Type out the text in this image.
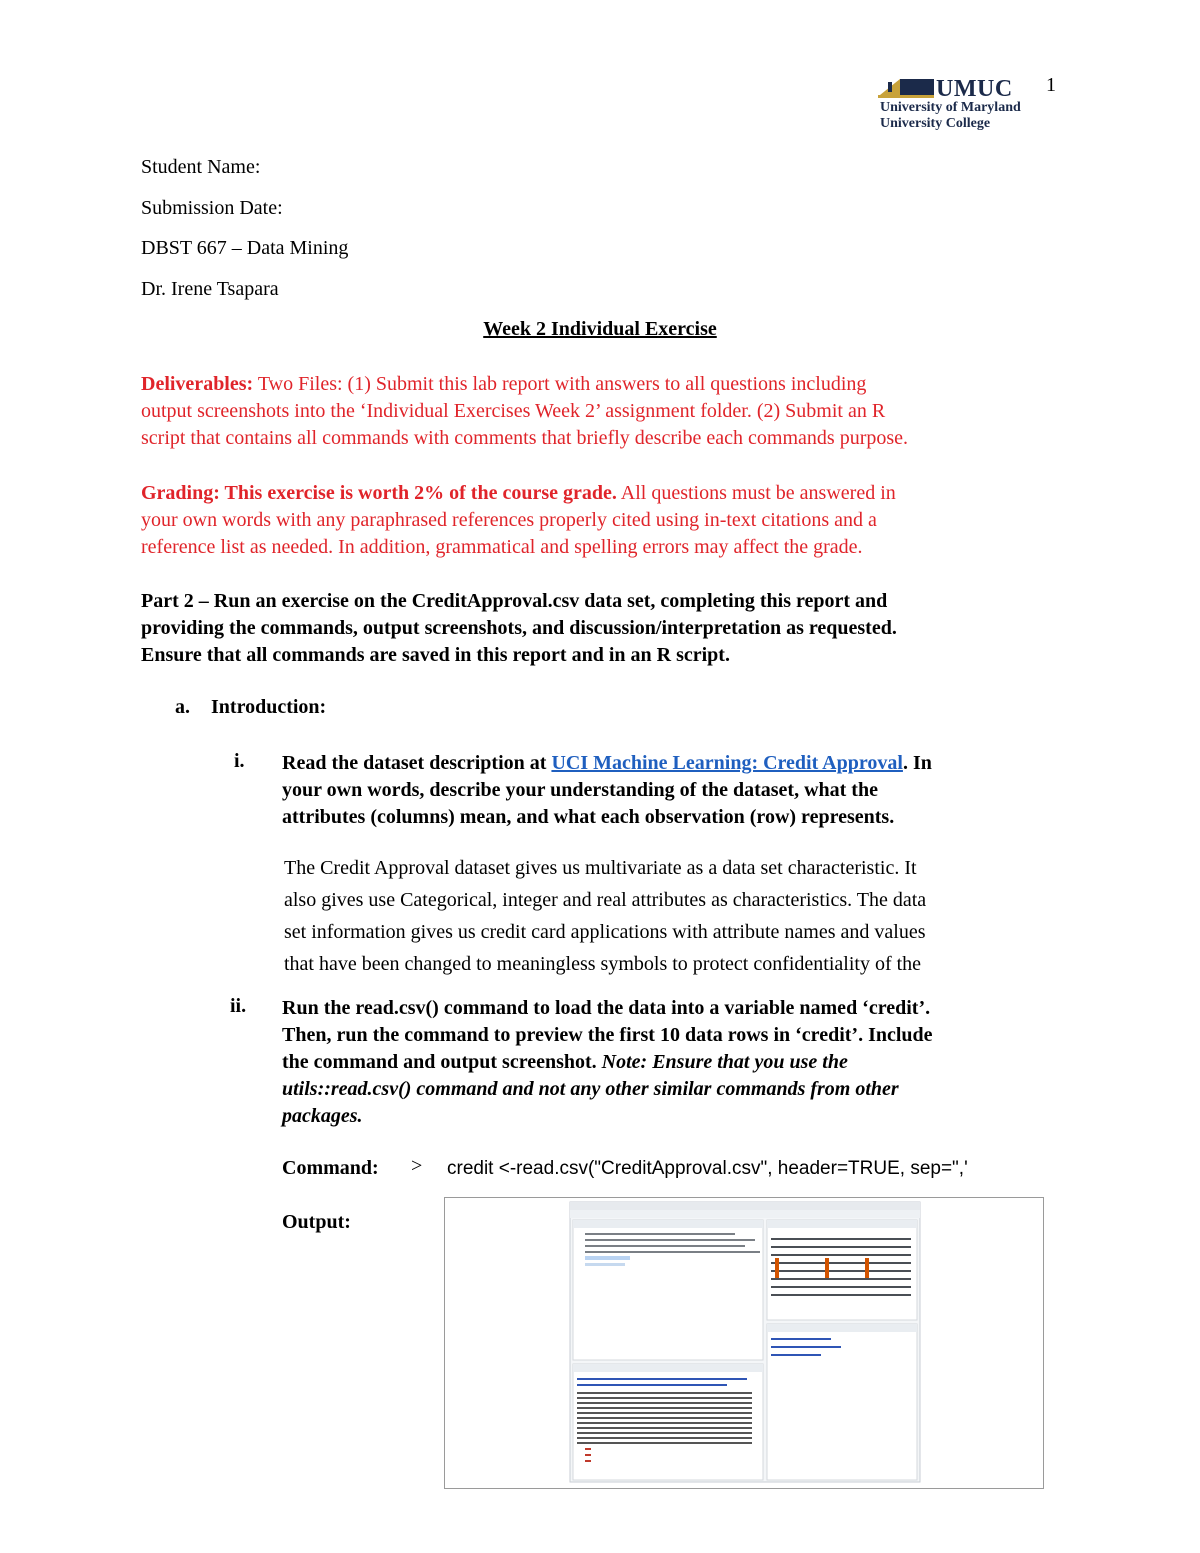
1
UMUC
University of Maryland
University College
Student Name:
Submission Date:
DBST 667 – Data Mining
Dr. Irene Tsapara
Week 2 Individual Exercise
Deliverables: Two Files: (1) Submit this lab report with answers to all questions including
output screenshots into the ‘Individual Exercises Week 2’ assignment folder. (2) Submit an R
script that contains all commands with comments that briefly describe each commands purpose.
Grading: This exercise is worth 2% of the course grade. All questions must be answered in
your own words with any paraphrased references properly cited using in-text citations and a
reference list as needed. In addition, grammatical and spelling errors may affect the grade.
Part 2 – Run an exercise on the CreditApproval.csv data set, completing this report and
providing the commands, output screenshots, and discussion/interpretation as requested.
Ensure that all commands are saved in this report and in an R script.
a. Introduction:
i. Read the dataset description at UCI Machine Learning: Credit Approval. In
your own words, describe your understanding of the dataset, what the
attributes (columns) mean, and what each observation (row) represents.
The Credit Approval dataset gives us multivariate as a data set characteristic. It
also gives use Categorical, integer and real attributes as characteristics. The data
set information gives us credit card applications with attribute names and values
that have been changed to meaningless symbols to protect confidentiality of the
ii. Run the read.csv() command to load the data into a variable named ‘credit’.
Then, run the command to preview the first 10 data rows in ‘credit’. Include
the command and output screenshot. Note: Ensure that you use the
utils::read.csv() command and not any other similar commands from other
packages.
Command: > credit <-read.csv("CreditApproval.csv", header=TRUE, sep=",'
Output:
